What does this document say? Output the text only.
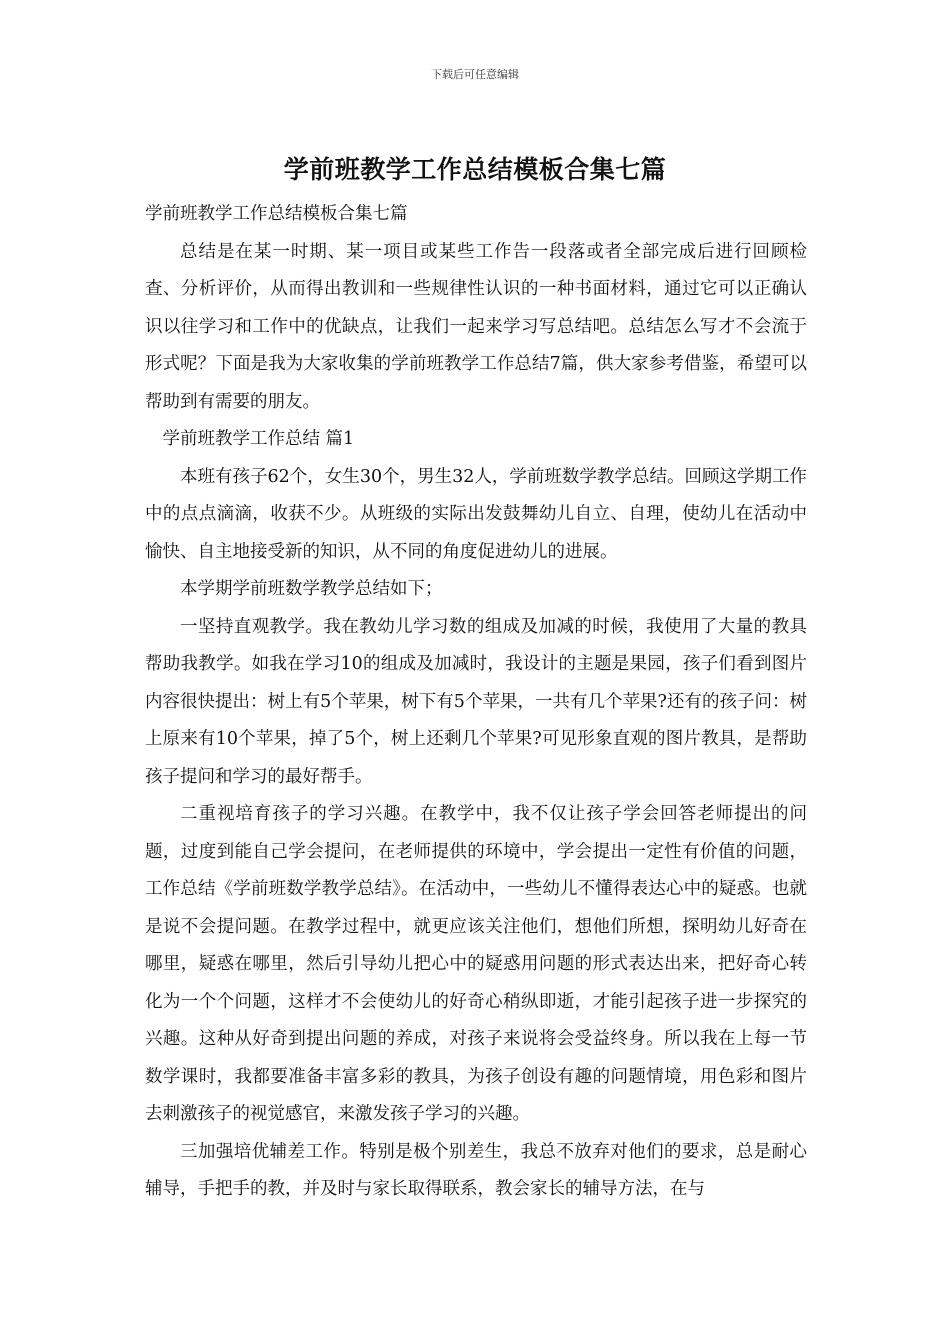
下载后可任意编辑
学前班教学工作总结模板合集七篇

学前班教学工作总结模板合集七篇

总结是在某一时期、某一项目或某些工作告一段落或者全部完成后进行回顾检查、分析评价，从而得出教训和一些规律性认识的一种书面材料，通过它可以正确认识以往学习和工作中的优缺点，让我们一起来学习写总结吧。总结怎么写才不会流于形式呢？下面是我为大家收集的学前班教学工作总结7篇，供大家参考借鉴，希望可以帮助到有需要的朋友。

学前班教学工作总结 篇1

本班有孩子62个，女生30个，男生32人，学前班数学教学总结。回顾这学期工作中的点点滴滴，收获不少。从班级的实际出发鼓舞幼儿自立、自理，使幼儿在活动中愉快、自主地接受新的知识，从不同的角度促进幼儿的进展。

本学期学前班数学教学总结如下；

一坚持直观教学。我在教幼儿学习数的组成及加减的时候，我使用了大量的教具帮助我教学。如我在学习10的组成及加减时，我设计的主题是果园，孩子们看到图片内容很快提出：树上有5个苹果，树下有5个苹果，一共有几个苹果?还有的孩子问：树上原来有10个苹果，掉了5个，树上还剩几个苹果?可见形象直观的图片教具，是帮助孩子提问和学习的最好帮手。

二重视培育孩子的学习兴趣。在教学中，我不仅让孩子学会回答老师提出的问题，过度到能自己学会提问，在老师提供的环境中，学会提出一定性有价值的问题，工作总结《学前班数学教学总结》。在活动中，一些幼儿不懂得表达心中的疑惑。也就是说不会提问题。在教学过程中，就更应该关注他们，想他们所想，探明幼儿好奇在哪里，疑惑在哪里，然后引导幼儿把心中的疑惑用问题的形式表达出来，把好奇心转化为一个个问题，这样才不会使幼儿的好奇心稍纵即逝，才能引起孩子进一步探究的兴趣。这种从好奇到提出问题的养成，对孩子来说将会受益终身。所以我在上每一节数学课时，我都要准备丰富多彩的教具，为孩子创设有趣的问题情境，用色彩和图片去刺激孩子的视觉感官，来激发孩子学习的兴趣。

三加强培优辅差工作。特别是极个别差生，我总不放弃对他们的要求，总是耐心辅导，手把手的教，并及时与家长取得联系，教会家长的辅导方法，在与
